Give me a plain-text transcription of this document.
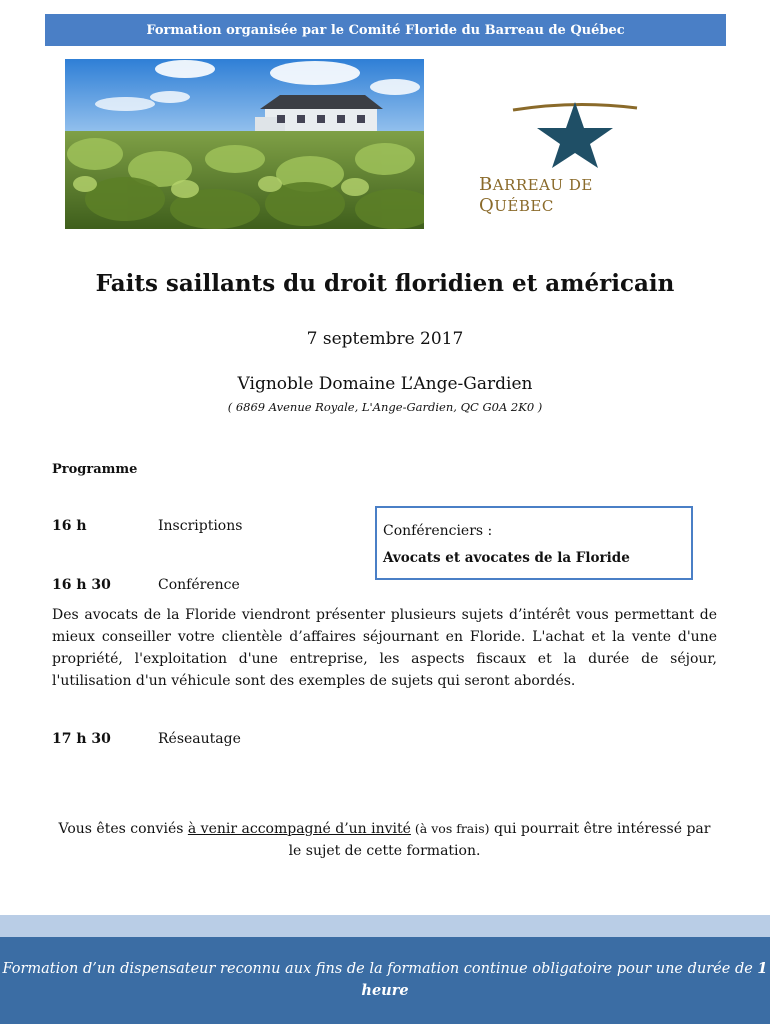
Formation organisée par le Comité Floride du Barreau de Québec
BARREAU DE QUÉBEC
Faits saillants du droit floridien et américain
7 septembre 2017
Vignoble Domaine L’Ange-Gardien
( 6869 Avenue Royale, L'Ange-Gardien, QC G0A 2K0 )
Programme
16 h	Inscriptions
16 h 30	Conférence
Conférenciers :
Avocats et avocates de la Floride
Des avocats de la Floride viendront présenter plusieurs sujets d’intérêt vous permettant de mieux conseiller votre clientèle d’affaires séjournant en Floride. L'achat et la vente d'une propriété, l'exploitation d'une entreprise, les aspects fiscaux et la durée de séjour, l'utilisation d'un véhicule sont des exemples de sujets qui seront abordés.
17 h 30	Réseautage
Vous êtes conviés à venir accompagné d’un invité (à vos frais) qui pourrait être intéressé par le sujet de cette formation.
Formation d’un dispensateur reconnu aux fins de la formation continue obligatoire pour une durée de 1 heure
